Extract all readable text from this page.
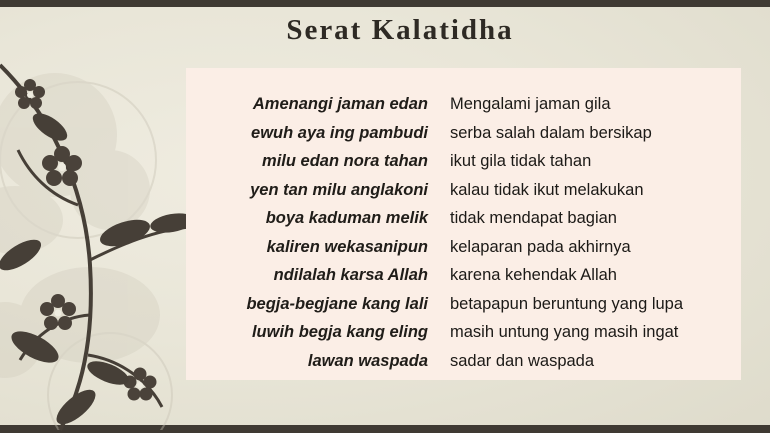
Serat Kalatidha
Amenangi jaman edan
ewuh aya ing pambudi
milu edan nora tahan
yen tan milu anglakoni
boya kaduman melik
kaliren wekasanipun
ndilalah karsa Allah
begja-begjane kang lali
luwih begja kang eling
lawan waspada
Mengalami jaman gila
serba salah dalam bersikap
ikut gila tidak tahan
kalau tidak ikut melakukan
tidak mendapat bagian
kelaparan pada akhirnya
karena kehendak Allah
betapapun beruntung yang lupa
masih untung yang masih ingat
sadar dan waspada
